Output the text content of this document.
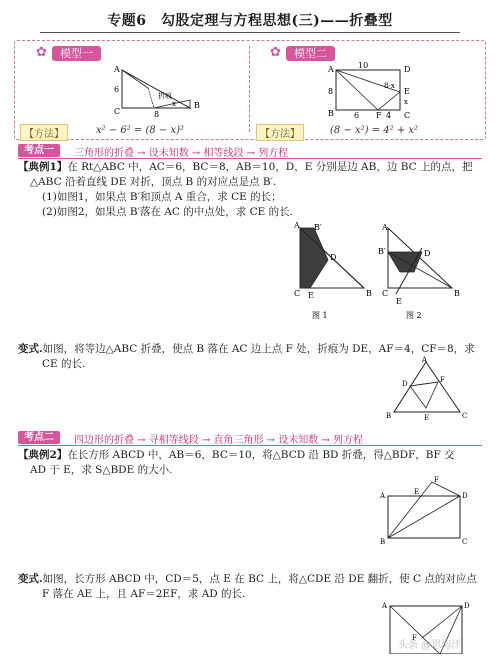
专题6　勾股定理与方程思想(三)——折叠型
✿	模型一	✿	模型二
A
6
C	8
B
折痕
x
【方法】	x² − 6² = (8 − x)²
A	10
8
B	6 F 4 C
D
E
8-x
x
【方法】	(8 − x²) = 4² + x²
考点一	三角形的折叠 → 设未知数 → 相等线段 → 列方程
【典例1】在 Rt△ABC 中，AC＝6，BC＝8，AB＝10，D，E 分别是边 AB，边 BC 上的点，把
△ABC 沿着直线 DE 对折，顶点 B 的对应点是点 B′.
(1)如图1，如果点 B′和顶点 A 重合，求 CE 的长；
(2)如图2，如果点 B′落在 AC 的中点处，求 CE 的长.
A B′
D
C E	B
图 1
A
B′	D
C
E
B
图 2
变式.如图，将等边△ABC 折叠，使点 B 落在 AC 边上点 F 处，折痕为 DE，AF＝4，CF＝8，求
CE 的长.	A
D	F
B	E	C
考点二	四边形的折叠 → 寻相等线段 → 直角三角形 → 设未知数 → 列方程
【典例2】在长方形 ABCD 中，AB＝6，BC＝10，将△BCD 沿 BD 折叠，得△BDF，BF 交
AD 于 E，求 S△BDE 的大小.
A	E
F
D
B	C
变式.如图，长方形 ABCD 中，CD＝5，点 E 在 BC 上，将△CDE 沿 DE 翻折，使 C 点的对应点
F 落在 AE 上，且 AF＝2EF，求 AD 的长.
A	D
F
头条 @思海洋
